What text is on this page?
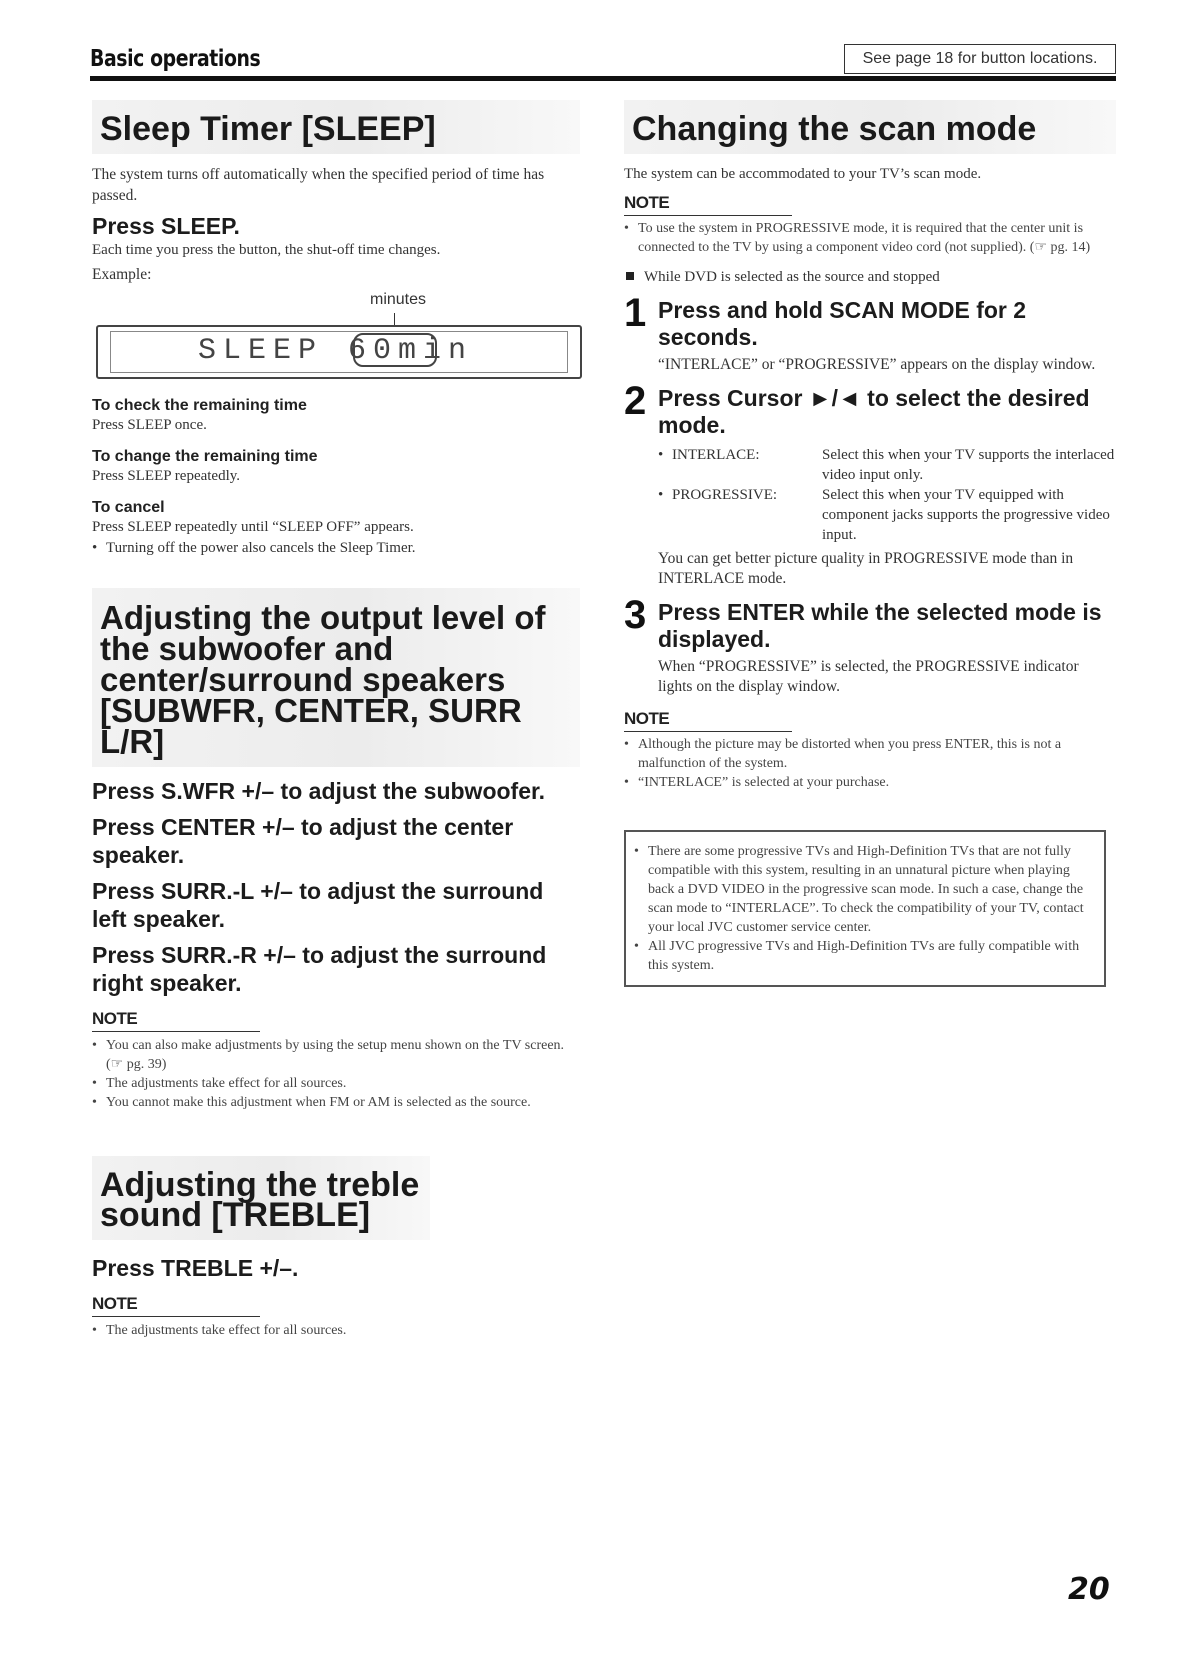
Basic operations	See page 18 for button locations.
Sleep Timer [SLEEP]

The system turns off automatically when the specified period of time has passed.

Press SLEEP.

Each time you press the button, the shut-off time changes.

Example:

minutes
SLEEP 60min
To check the remaining time

Press SLEEP once.

To change the remaining time

Press SLEEP repeatedly.

To cancel

Press SLEEP repeatedly until “SLEEP OFF” appears.

• Turning off the power also cancels the Sleep Timer.
Adjusting the output level of the subwoofer and center/surround speakers [SUBWFR, CENTER, SURR L/R]
Press S.WFR +/– to adjust the subwoofer.
Press CENTER +/– to adjust the center speaker.
Press SURR.-L +/– to adjust the surround left speaker.
Press SURR.-R +/– to adjust the surround right speaker.
NOTE
• You can also make adjustments by using the setup menu shown on the TV screen. (☞ pg. 39)
• The adjustments take effect for all sources.
• You cannot make this adjustment when FM or AM is selected as the source.
Adjusting the treble sound [TREBLE]
Press TREBLE +/–.
NOTE
• The adjustments take effect for all sources.
Changing the scan mode

The system can be accommodated to your TV’s scan mode.

NOTE
• To use the system in PROGRESSIVE mode, it is required that the center unit is connected to the TV by using a component video cord (not supplied). (☞ pg. 14)
While DVD is selected as the source and stopped
1 Press and hold SCAN MODE for 2 seconds.
“INTERLACE” or “PROGRESSIVE” appears on the display window.
2 Press Cursor ►/◄ to select the desired mode.
• INTERLACE:	Select this when your TV supports the interlaced video input only.
• PROGRESSIVE:	Select this when your TV equipped with component jacks supports the progressive video input.
You can get better picture quality in PROGRESSIVE mode than in INTERLACE mode.
3 Press ENTER while the selected mode is displayed.
When “PROGRESSIVE” is selected, the PROGRESSIVE indicator lights on the display window.
NOTE
• Although the picture may be distorted when you press ENTER, this is not a malfunction of the system.
• “INTERLACE” is selected at your purchase.
• There are some progressive TVs and High-Definition TVs that are not fully compatible with this system, resulting in an unnatural picture when playing back a DVD VIDEO in the progressive scan mode. In such a case, change the scan mode to “INTERLACE”. To check the compatibility of your TV, contact your local JVC customer service center.
• All JVC progressive TVs and High-Definition TVs are fully compatible with this system.
20
